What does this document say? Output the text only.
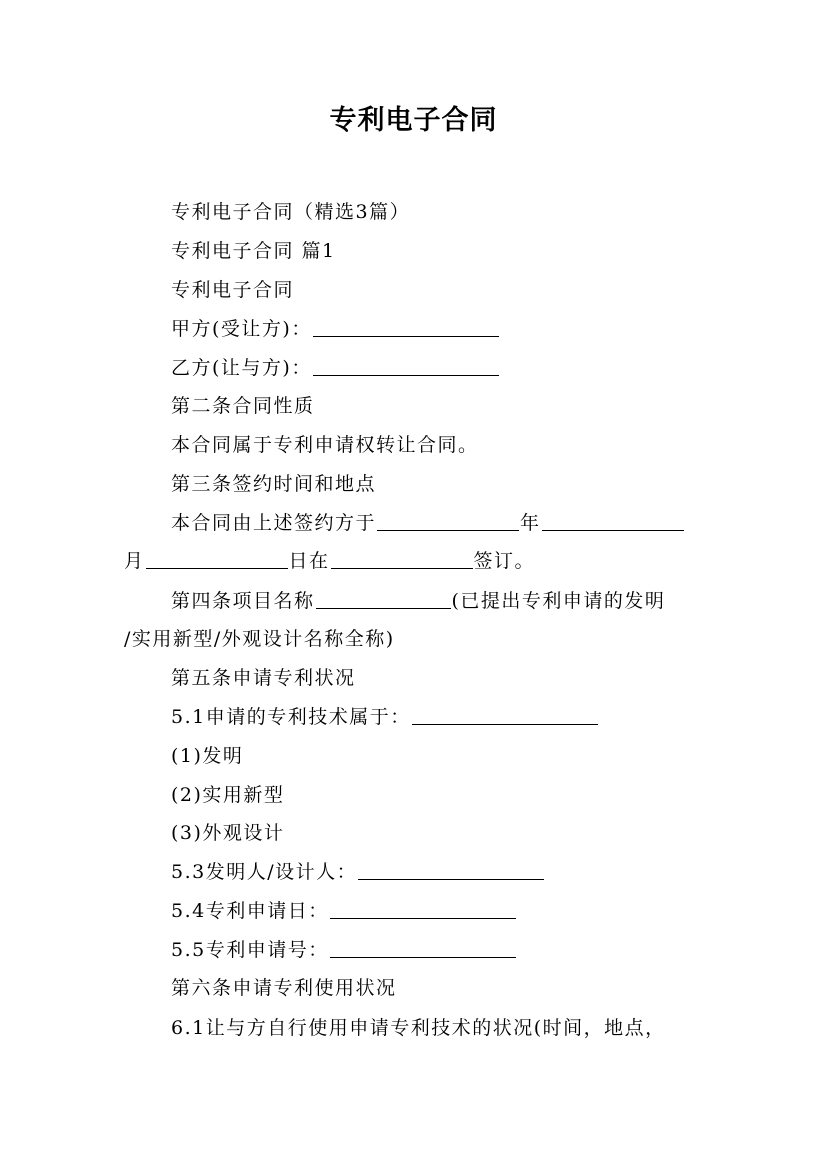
专利电子合同
专利电子合同（精选3篇）
专利电子合同 篇1
专利电子合同
甲方(受让方)：
乙方(让与方)：
第二条合同性质
本合同属于专利申请权转让合同。
第三条签约时间和地点
本合同由上述签约方于	年
月	日在	签订。
第四条项目名称	(已提出专利申请的发明
/实用新型/外观设计名称全称)
第五条申请专利状况
5.1申请的专利技术属于：
(1)发明
(2)实用新型
(3)外观设计
5.3发明人/设计人：
5.4专利申请日：
5.5专利申请号：
第六条申请专利使用状况
6.1让与方自行使用申请专利技术的状况(时间，地点，
